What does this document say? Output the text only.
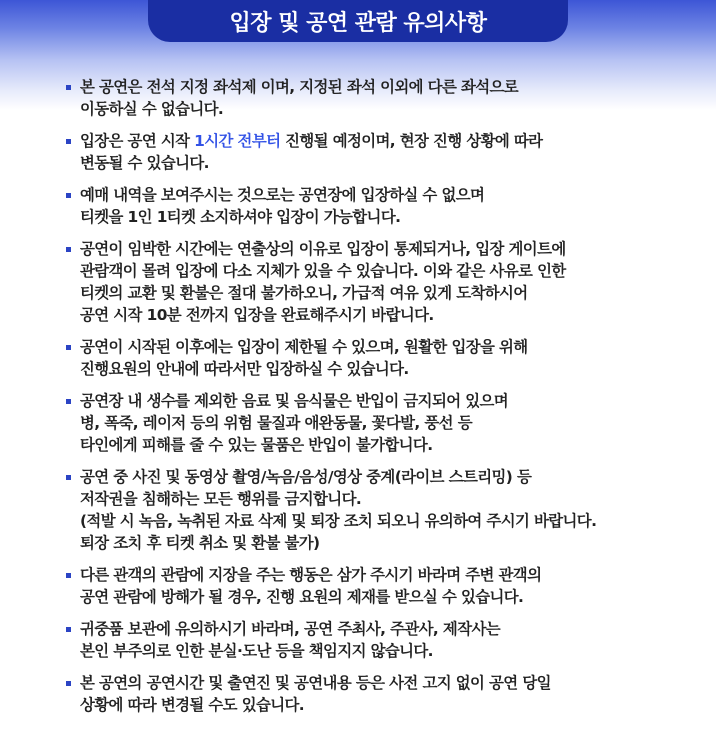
입장 및 공연 관람 유의사항
본 공연은 전석 지정 좌석제 이며, 지정된 좌석 이외에 다른 좌석으로
이동하실 수 없습니다.
입장은 공연 시작 1시간 전부터 진행될 예정이며, 현장 진행 상황에 따라
변동될 수 있습니다.
예매 내역을 보여주시는 것으로는 공연장에 입장하실 수 없으며
티켓을 1인 1티켓 소지하셔야 입장이 가능합니다.
공연이 임박한 시간에는 연출상의 이유로 입장이 통제되거나, 입장 게이트에
관람객이 몰려 입장에 다소 지체가 있을 수 있습니다. 이와 같은 사유로 인한
티켓의 교환 및 환불은 절대 불가하오니, 가급적 여유 있게 도착하시어
공연 시작 10분 전까지 입장을 완료해주시기 바랍니다.
공연이 시작된 이후에는 입장이 제한될 수 있으며, 원활한 입장을 위해
진행요원의 안내에 따라서만 입장하실 수 있습니다.
공연장 내 생수를 제외한 음료 및 음식물은 반입이 금지되어 있으며
병, 폭죽, 레이저 등의 위험 물질과 애완동물, 꽃다발, 풍선 등
타인에게 피해를 줄 수 있는 물품은 반입이 불가합니다.
공연 중 사진 및 동영상 촬영/녹음/음성/영상 중계(라이브 스트리밍) 등
저작권을 침해하는 모든 행위를 금지합니다.
(적발 시 녹음, 녹취된 자료 삭제 및 퇴장 조치 되오니 유의하여 주시기 바랍니다.
퇴장 조치 후 티켓 취소 및 환불 불가)
다른 관객의 관람에 지장을 주는 행동은 삼가 주시기 바라며 주변 관객의
공연 관람에 방해가 될 경우, 진행 요원의 제재를 받으실 수 있습니다.
귀중품 보관에 유의하시기 바라며, 공연 주최사, 주관사, 제작사는
본인 부주의로 인한 분실·도난 등을 책임지지 않습니다.
본 공연의 공연시간 및 출연진 및 공연내용 등은 사전 고지 없이 공연 당일
상황에 따라 변경될 수도 있습니다.
